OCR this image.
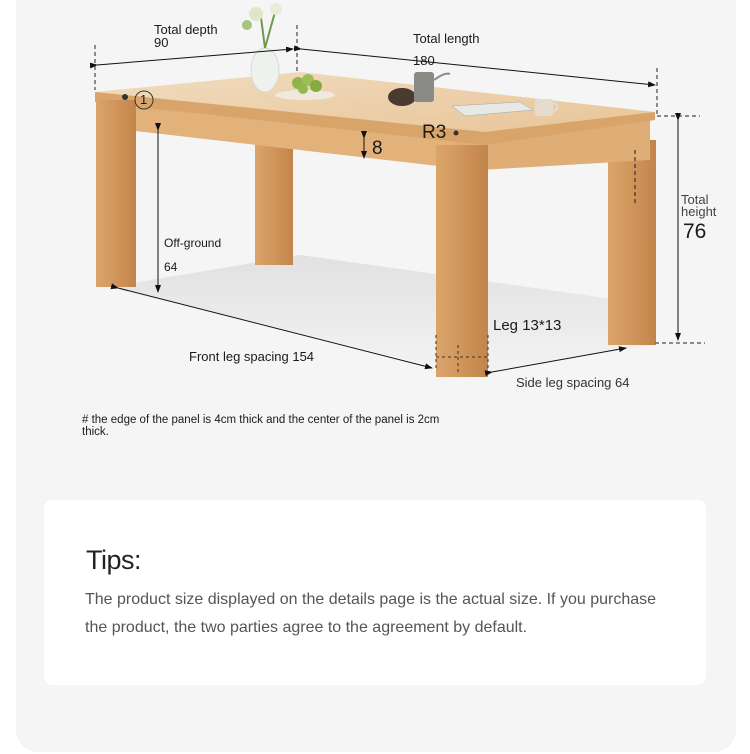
Total depth
90	Total length
180
1
R3
8
Off-ground
64
Total
height
76
Leg 13*13
Front leg spacing 154
Side leg spacing 64
# the edge of the panel is 4cm thick and the center of the panel is 2cm thick.
Tips:
The product size displayed on the details page is the actual size. If you purchase the product, the two parties agree to the agreement by default.
